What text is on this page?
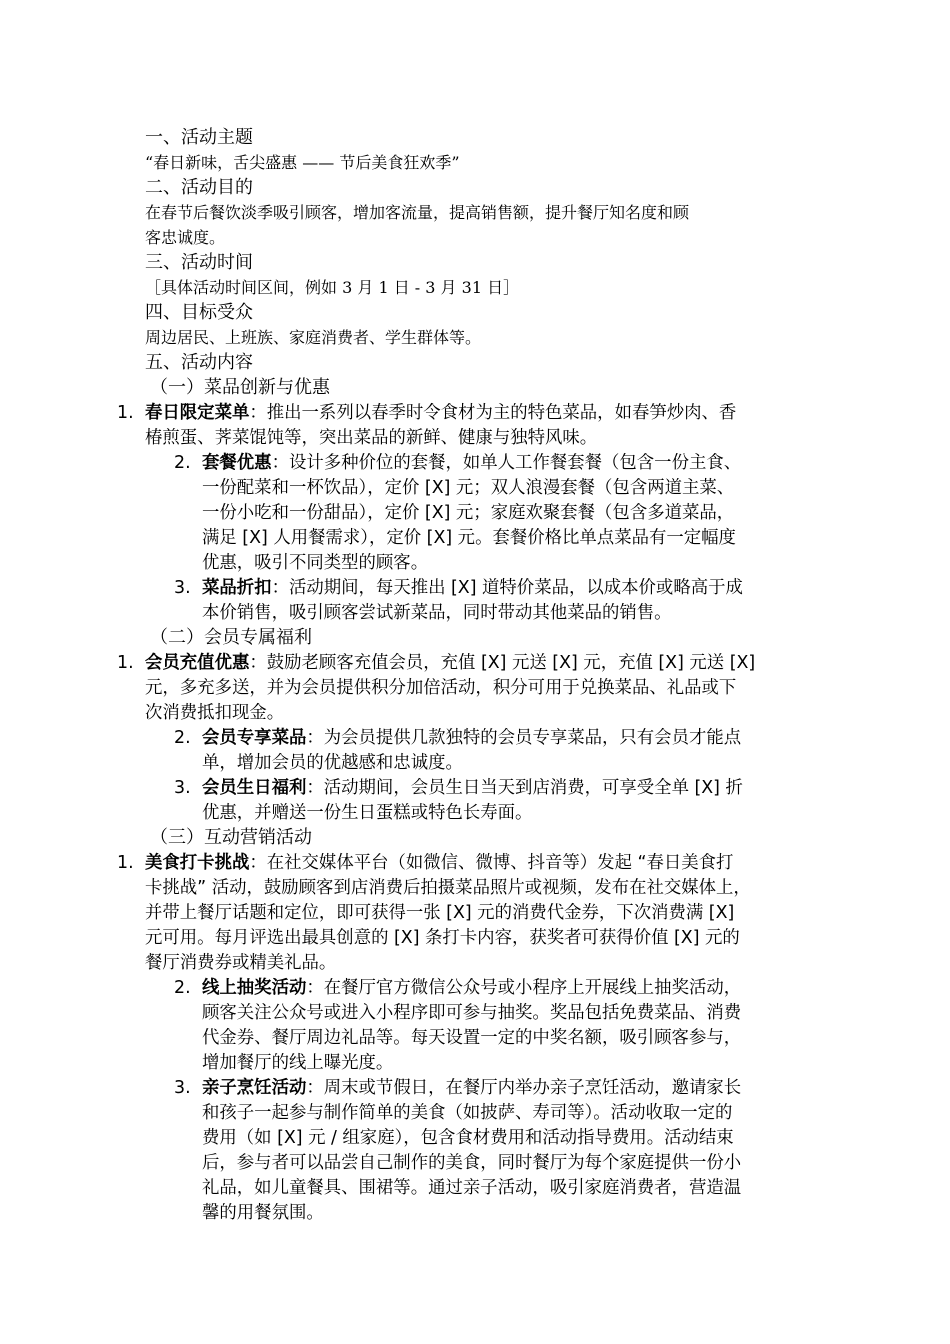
一、活动主题
“春日新味，舌尖盛惠 —— 节后美食狂欢季”
二、活动目的
在春节后餐饮淡季吸引顾客，增加客流量，提高销售额，提升餐厅知名度和顾
客忠诚度。
三、活动时间
［具体活动时间区间，例如 3 月 1 日 - 3 月 31 日］
四、目标受众
周边居民、上班族、家庭消费者、学生群体等。
五、活动内容
（一）菜品创新与优惠
1. 春日限定菜单：推出一系列以春季时令食材为主的特色菜品，如春笋炒肉、香
椿煎蛋、荠菜馄饨等，突出菜品的新鲜、健康与独特风味。
2. 套餐优惠：设计多种价位的套餐，如单人工作餐套餐（包含一份主食、
一份配菜和一杯饮品），定价 [X] 元；双人浪漫套餐（包含两道主菜、
一份小吃和一份甜品），定价 [X] 元；家庭欢聚套餐（包含多道菜品，
满足 [X] 人用餐需求），定价 [X] 元。套餐价格比单点菜品有一定幅度
优惠，吸引不同类型的顾客。
3. 菜品折扣：活动期间，每天推出 [X] 道特价菜品，以成本价或略高于成
本价销售，吸引顾客尝试新菜品，同时带动其他菜品的销售。
（二）会员专属福利
1. 会员充值优惠：鼓励老顾客充值会员，充值 [X] 元送 [X] 元，充值 [X] 元送 [X]
元，多充多送，并为会员提供积分加倍活动，积分可用于兑换菜品、礼品或下
次消费抵扣现金。
2. 会员专享菜品：为会员提供几款独特的会员专享菜品，只有会员才能点
单，增加会员的优越感和忠诚度。
3. 会员生日福利：活动期间，会员生日当天到店消费，可享受全单 [X] 折
优惠，并赠送一份生日蛋糕或特色长寿面。
（三）互动营销活动
1. 美食打卡挑战：在社交媒体平台（如微信、微博、抖音等）发起 “春日美食打
卡挑战” 活动，鼓励顾客到店消费后拍摄菜品照片或视频，发布在社交媒体上，
并带上餐厅话题和定位，即可获得一张 [X] 元的消费代金券，下次消费满 [X]
元可用。每月评选出最具创意的 [X] 条打卡内容，获奖者可获得价值 [X] 元的
餐厅消费券或精美礼品。
2. 线上抽奖活动：在餐厅官方微信公众号或小程序上开展线上抽奖活动，
顾客关注公众号或进入小程序即可参与抽奖。奖品包括免费菜品、消费
代金券、餐厅周边礼品等。每天设置一定的中奖名额，吸引顾客参与，
增加餐厅的线上曝光度。
3. 亲子烹饪活动：周末或节假日，在餐厅内举办亲子烹饪活动，邀请家长
和孩子一起参与制作简单的美食（如披萨、寿司等）。活动收取一定的
费用（如 [X] 元 / 组家庭），包含食材费用和活动指导费用。活动结束
后，参与者可以品尝自己制作的美食，同时餐厅为每个家庭提供一份小
礼品，如儿童餐具、围裙等。通过亲子活动，吸引家庭消费者，营造温
馨的用餐氛围。
